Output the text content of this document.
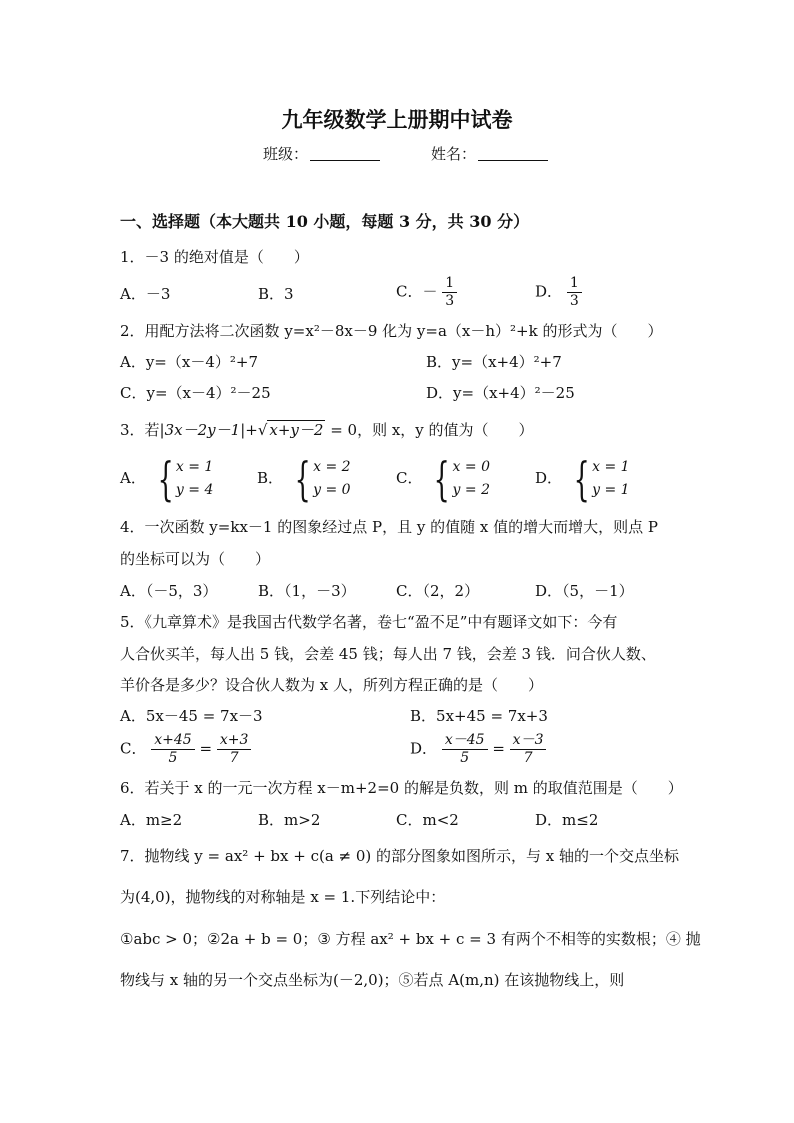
九年级数学上册期中试卷
班级：	姓名：
一、选择题（本大题共 10 小题，每题 3 分，共 30 分）
1．－3 的绝对值是（　　）
A．－3	B．3	C．－ $\frac{1}{3}$	D． $\frac{1}{3}$
2．用配方法将二次函数 y=x²－8x－9 化为 y=a（x－h）²+k 的形式为（　　）
A．y=（x－4）²+7	B．y=（x+4）²+7
C．y=（x－4）²－25	D．y=（x+4）²－25
3．若|3x－2y－1|+√ x+y－2 = 0，则 x，y 的值为（　　）
A． { x = 1
y = 4
B． { x = 2
y = 0
C． { x = 0
y = 2
D． { x = 1
y = 1
4．一次函数 y=kx－1 的图象经过点 P，且 y 的值随 x 值的增大而增大，则点 P
的坐标可以为（　　）
A．（－5，3）	B．（1，－3）	C．（2，2）	D．（5，－1）
5．《九章算术》是我国古代数学名著，卷七“盈不足”中有题译文如下：今有
人合伙买羊，每人出 5 钱，会差 45 钱；每人出 7 钱，会差 3 钱．问合伙人数、
羊价各是多少？设合伙人数为 x 人，所列方程正确的是（　　）
A．5x－45 = 7x－3	B．5x+45 = 7x+3
C． $\frac{x+45}{5} = \frac{x+3}{7}$	D． $\frac{x-45}{5} = \frac{x-3}{7}$
6．若关于 x 的一元一次方程 x－m+2=0 的解是负数，则 m 的取值范围是（　　）
A．m≥2	B．m>2	C．m<2	D．m≤2
7．抛物线 y = ax² + bx + c(a ≠ 0) 的部分图象如图所示，与 x 轴的一个交点坐标
为(4,0)，抛物线的对称轴是 x = 1.下列结论中：
①abc > 0；②2a + b = 0；③ 方程 ax² + bx + c = 3 有两个不相等的实数根；④ 抛
物线与 x 轴的另一个交点坐标为(－2,0)；⑤若点 A(m,n) 在该抛物线上，则
